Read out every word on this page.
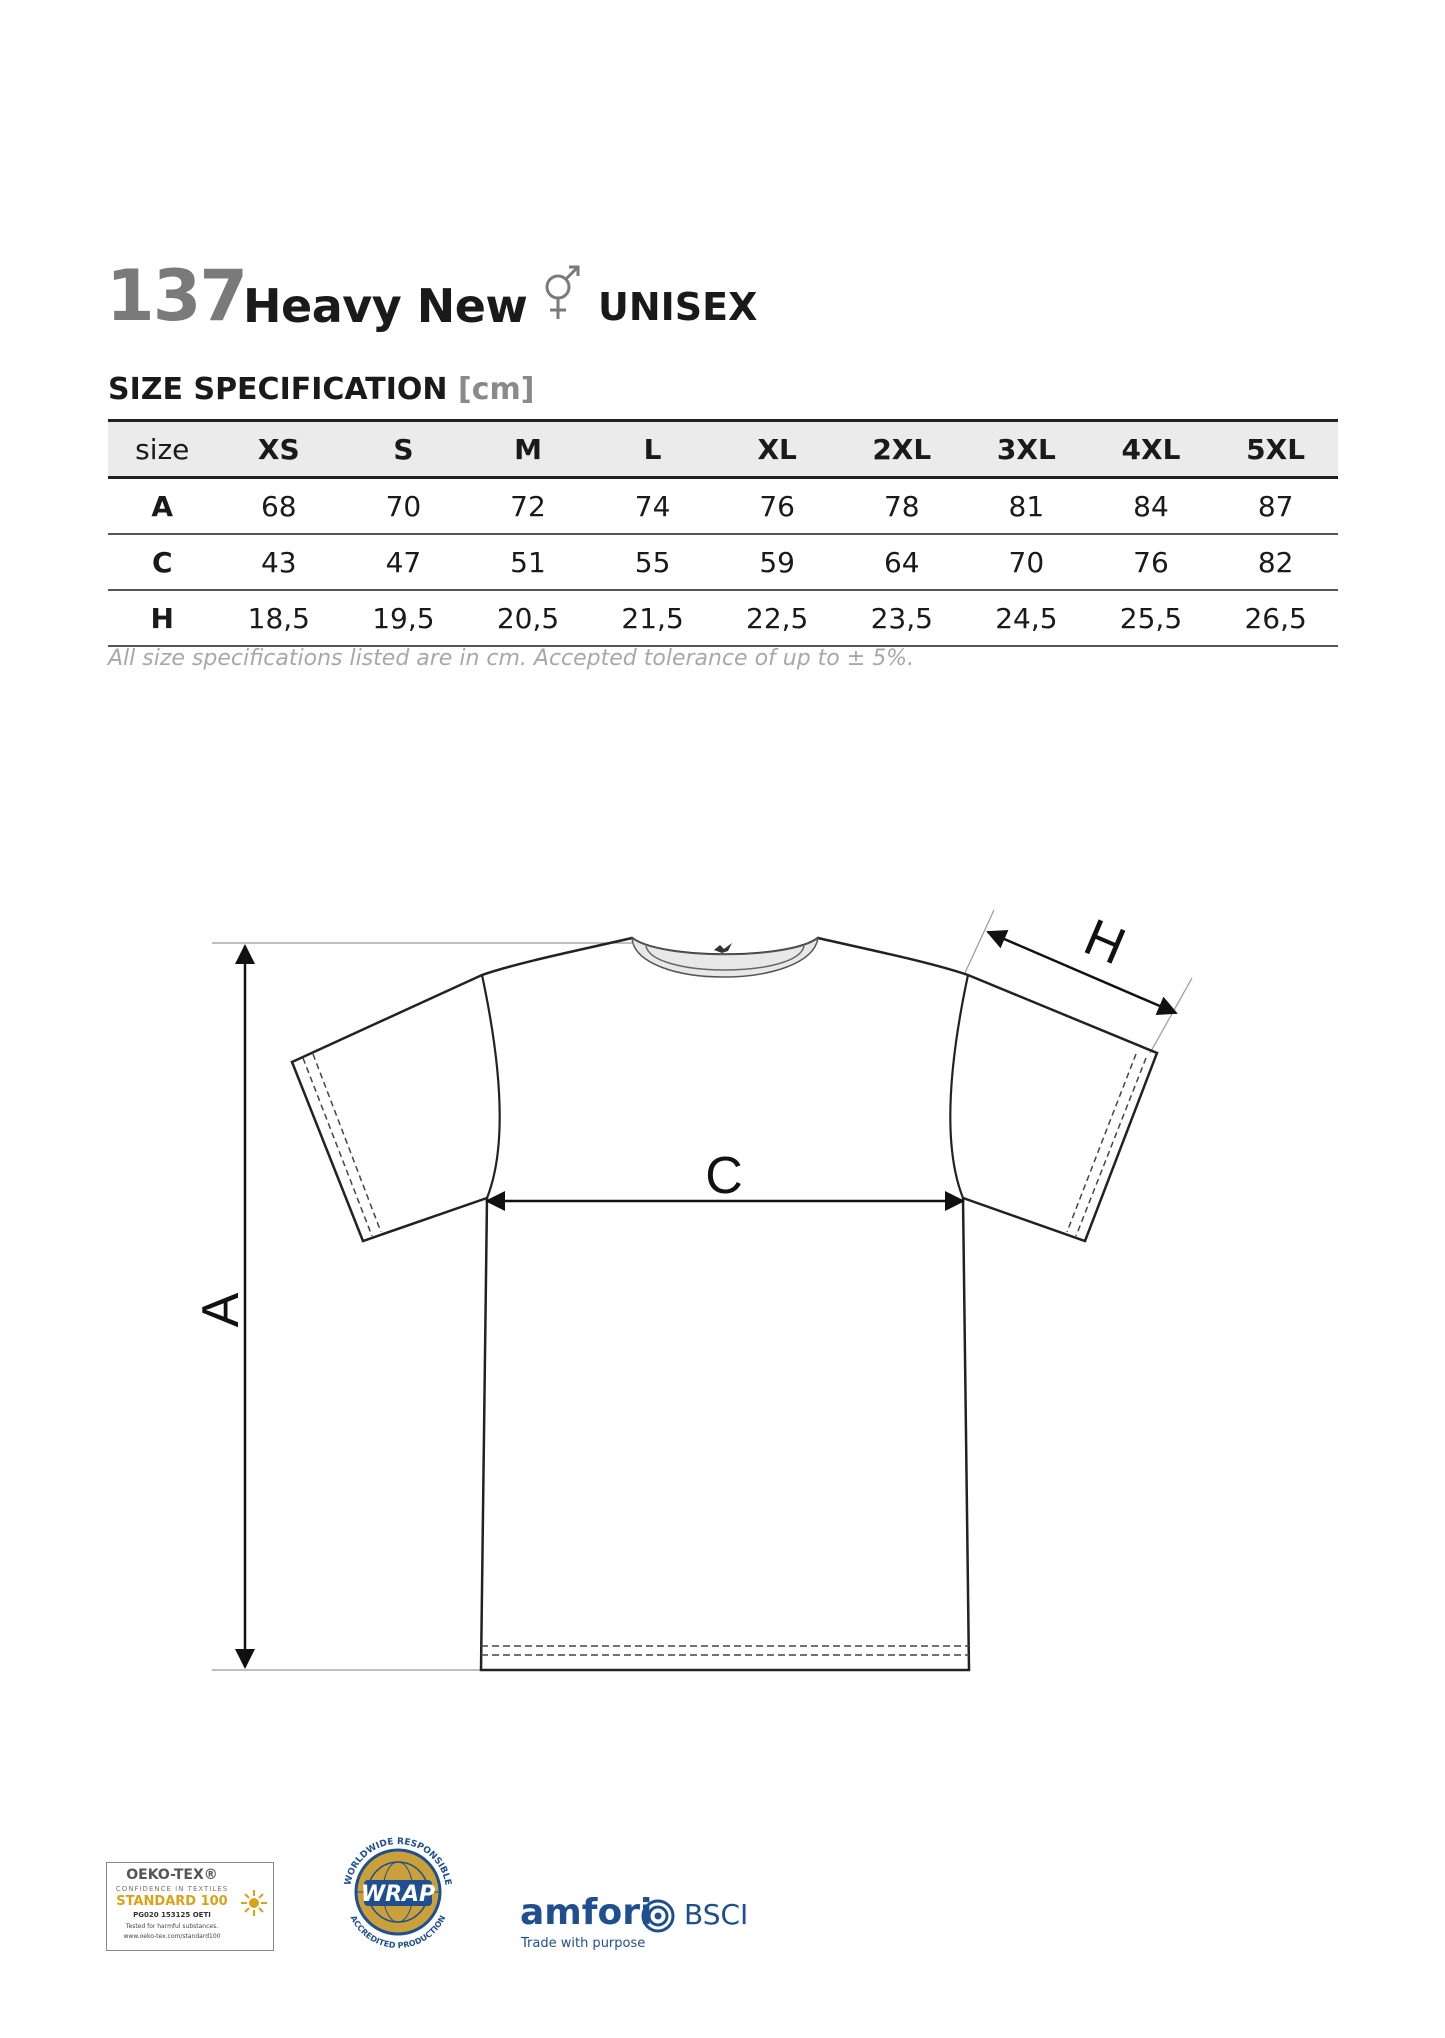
137
Heavy New UNISEX
SIZE SPECIFICATION [cm]
size	XS	S	M	L	XL	2XL	3XL	4XL	5XL
A	68	70	72	74	76	78	81	84	87
C	43	47	51	55	59	64	70	76	82
H	18,5	19,5	20,5	21,5	22,5	23,5	24,5	25,5	26,5
All size specifications listed are in cm. Accepted tolerance of up to ± 5%.
A
C
H
OEKO-TEX®
CONFIDENCE IN TEXTILES
STANDARD 100
PG020 153125 OETI
Tested for harmful substances.
www.oeko-tex.com/standard100
WORLDWIDE RESPONSIBLE
ACCREDITED PRODUCTION
WRAP amfori BSCI
Trade with purpose
